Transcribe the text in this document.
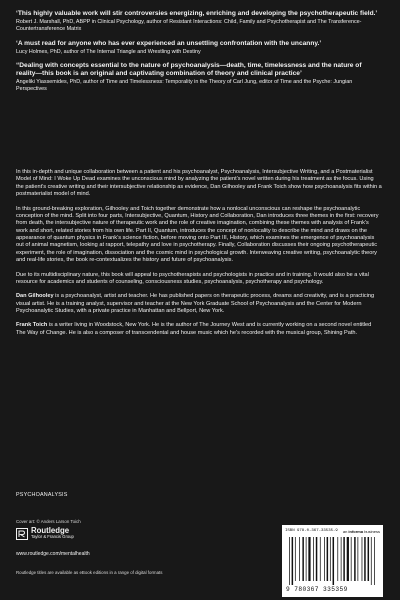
‘This highly valuable work will stir controversies energizing, enriching and developing the psychotherapeutic field.’
Robert J. Marshall, PhD, ABPP in Clinical Psychology, author of Resistant Interactions: Child, Family and Psychotherapist and The Transference-Countertransference Matrix
‘A must read for anyone who has ever experienced an unsettling confrontation with the uncanny.’
Lucy Holmes, PhD, author of The Internal Triangle and Wrestling with Destiny
“Dealing with concepts essential to the nature of psychoanalysis—death, time, timelessness and the nature of reality—this book is an original and captivating combination of theory and clinical practice’
Angeliki Yiassemides, PhD, author of Time and Timelessness: Temporality in the Theory of Carl Jung, editor of Time and the Psyche: Jungian Perspectives

In this in-depth and unique collaboration between a patient and his psychoanalyst, Psychoanalysis, Intersubjective Writing, and a Postmaterialist Model of Mind: I Woke Up Dead examines the unconscious mind by analyzing the patient’s novel written during his treatment as the focus. Using the patient’s creative writing and their intersubjective relationship as evidence, Dan Gilhooley and Frank Toich show how psychoanalysis fits within a postmaterialist model of mind.

In this ground-breaking exploration, Gilhooley and Toich together demonstrate how a nonlocal unconscious can reshape the psychoanalytic conception of the mind. Split into four parts, Intersubjective, Quantum, History and Collaboration, Dan introduces three themes in the first: recovery from death, the intersubjective nature of therapeutic work and the role of creative imagination, combining these themes with analysis of Frank’s work and short, related stories from his own life. Part II, Quantum, introduces the concept of nonlocality to describe the mind and draws on the appearance of quantum physics in Frank’s science fiction, before moving onto Part III, History, which examines the emergence of psychoanalysis out of animal magnetism, looking at rapport, telepathy and love in psychotherapy. Finally, Collaboration discusses their ongoing psychotherapeutic experiment, the role of imagination, dissociation and the cosmic mind in psychological growth. Interweaving creative writing, psychoanalytic theory and real-life stories, the book re-contextualizes the history and future of psychoanalysis.

Due to its multidisciplinary nature, this book will appeal to psychotherapists and psychologists in practice and in training. It would also be a vital resource for academics and students of counseling, consciousness studies, psychoanalysis, psychotherapy and psychology.

Dan Gilhooley is a psychoanalyst, artist and teacher. He has published papers on therapeutic process, dreams and creativity, and is a practicing visual artist. He is a training analyst, supervisor and teacher at the New York Graduate School of Psychoanalysis and the Center for Modern Psychoanalytic Studies, with a private practice in Manhattan and Bellport, New York.

Frank Toich is a writer living in Woodstock, New York. He is the author of The Journey West and is currently working on a second novel entitled The Way of Change. He is also a composer of transcendental and house music which he’s recorded with the musical group, Shining Path.

PSYCHOANALYSIS
Cover art: © Anders Larson Toich
Routledge
Taylor & Francis Group
www.routledge.com/mentalhealth
Routledge titles are available as eBook editions in a range of digital formats
ISBN 978-0-367-33535-9 an informa business
9 780367 335359
